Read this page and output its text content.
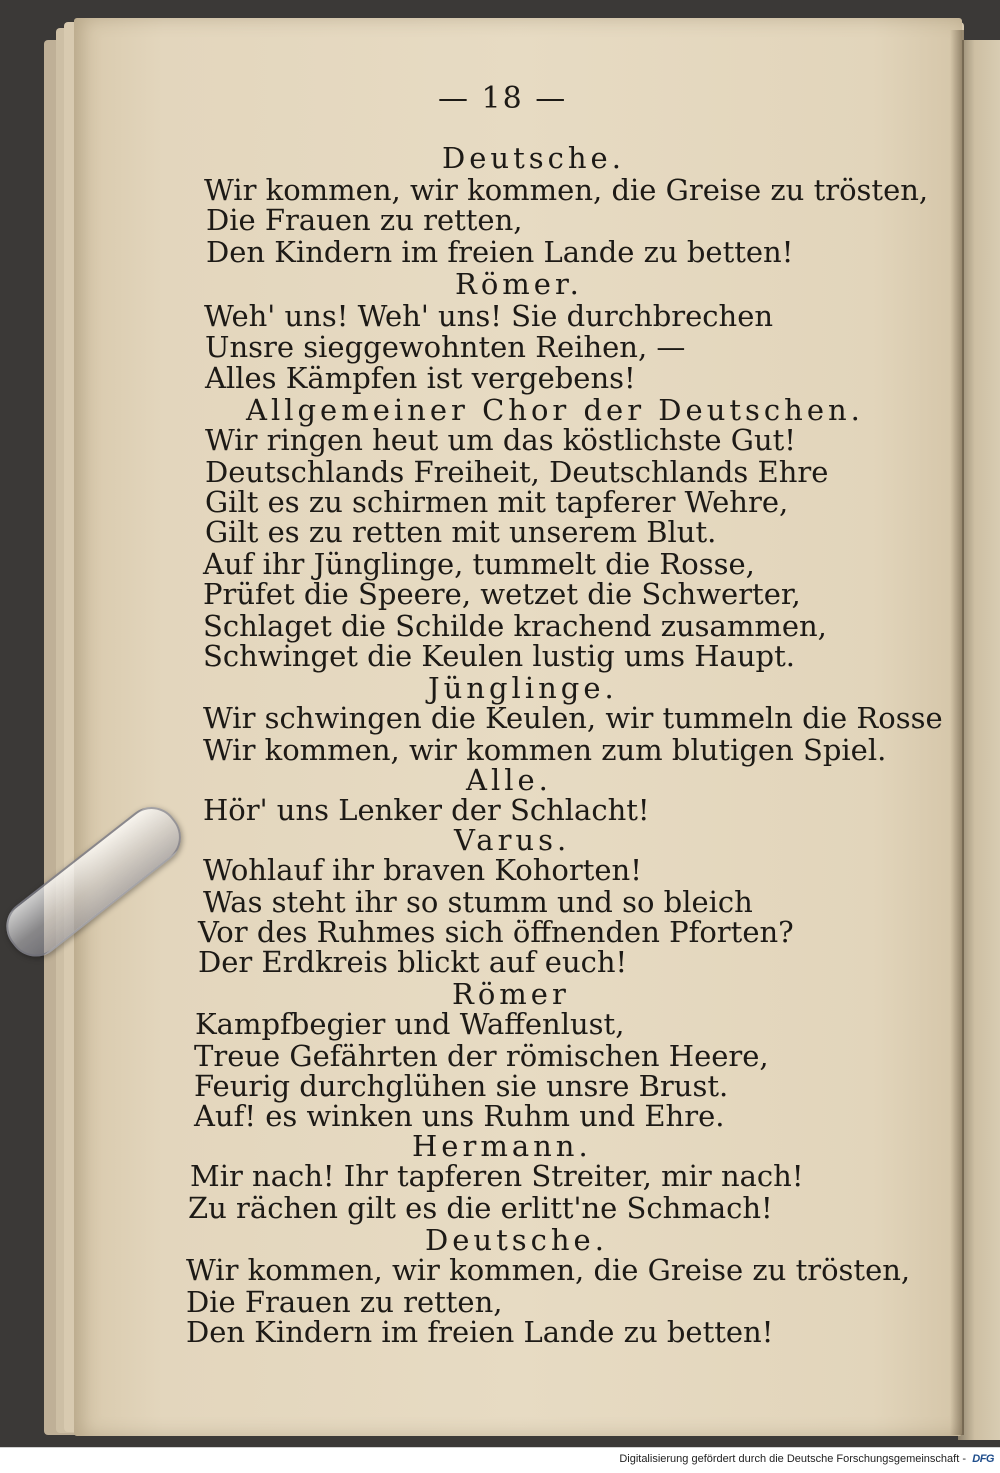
— 18 —
Deutsche.
Wir kommen, wir kommen, die Greise zu trösten,
Die Frauen zu retten,
Den Kindern im freien Lande zu betten!
Römer.
Weh' uns! Weh' uns! Sie durchbrechen
Unsre sieggewohnten Reihen, —
Alles Kämpfen ist vergebens!
Allgemeiner Chor der Deutschen.
Wir ringen heut um das köstlichste Gut!
Deutschlands Freiheit, Deutschlands Ehre
Gilt es zu schirmen mit tapferer Wehre,
Gilt es zu retten mit unserem Blut.
Auf ihr Jünglinge, tummelt die Rosse,
Prüfet die Speere, wetzet die Schwerter,
Schlaget die Schilde krachend zusammen,
Schwinget die Keulen lustig ums Haupt.
Jünglinge.
Wir schwingen die Keulen, wir tummeln die Rosse
Wir kommen, wir kommen zum blutigen Spiel.
Alle.
Hör' uns Lenker der Schlacht!
Varus.
Wohlauf ihr braven Kohorten!
Was steht ihr so stumm und so bleich
Vor des Ruhmes sich öffnenden Pforten?
Der Erdkreis blickt auf euch!
Römer
Kampfbegier und Waffenlust,
Treue Gefährten der römischen Heere,
Feurig durchglühen sie unsre Brust.
Auf! es winken uns Ruhm und Ehre.
Hermann.
Mir nach! Ihr tapferen Streiter, mir nach!
Zu rächen gilt es die erlitt'ne Schmach!
Deutsche.
Wir kommen, wir kommen, die Greise zu trösten,
Die Frauen zu retten,
Den Kindern im freien Lande zu betten!
Digitalisierung gefördert durch die Deutsche Forschungsgemeinschaft - DFG
